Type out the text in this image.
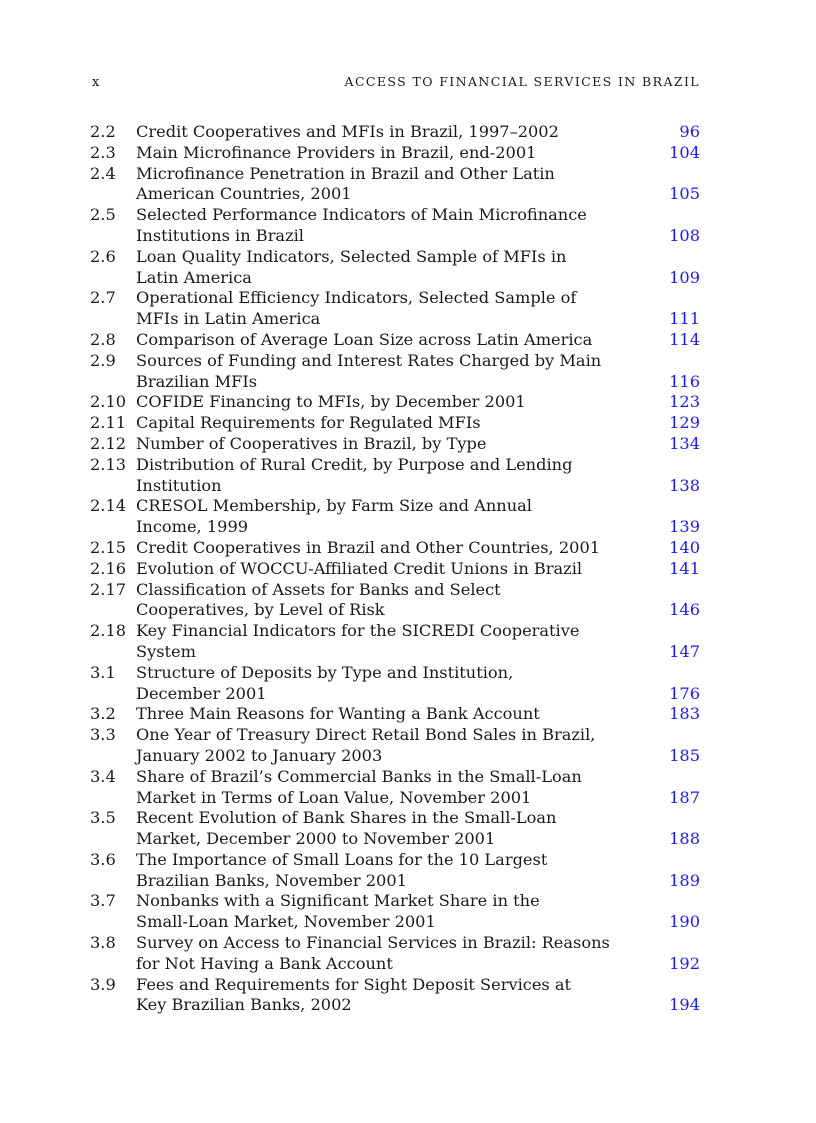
x	ACCESS TO FINANCIAL SERVICES IN BRAZIL
2.2	Credit Cooperatives and MFIs in Brazil, 1997–2002	96
2.3	Main Microfinance Providers in Brazil, end-2001	104
2.4	Microfinance Penetration in Brazil and Other Latin
American Countries, 2001	105
2.5	Selected Performance Indicators of Main Microfinance
Institutions in Brazil	108
2.6	Loan Quality Indicators, Selected Sample of MFIs in
Latin America	109
2.7	Operational Efficiency Indicators, Selected Sample of
MFIs in Latin America	111
2.8	Comparison of Average Loan Size across Latin America	114
2.9	Sources of Funding and Interest Rates Charged by Main
Brazilian MFIs	116
2.10 COFIDE Financing to MFIs, by December 2001	123
2.11 Capital Requirements for Regulated MFIs	129
2.12 Number of Cooperatives in Brazil, by Type	134
2.13 Distribution of Rural Credit, by Purpose and Lending
Institution	138
2.14 CRESOL Membership, by Farm Size and Annual
Income, 1999	139
2.15 Credit Cooperatives in Brazil and Other Countries, 2001	140
2.16 Evolution of WOCCU-Affiliated Credit Unions in Brazil	141
2.17 Classification of Assets for Banks and Select
Cooperatives, by Level of Risk	146
2.18 Key Financial Indicators for the SICREDI Cooperative
System	147
3.1	Structure of Deposits by Type and Institution,
December 2001	176
3.2	Three Main Reasons for Wanting a Bank Account	183
3.3	One Year of Treasury Direct Retail Bond Sales in Brazil,
January 2002 to January 2003	185
3.4	Share of Brazil’s Commercial Banks in the Small-Loan
Market in Terms of Loan Value, November 2001	187
3.5	Recent Evolution of Bank Shares in the Small-Loan
Market, December 2000 to November 2001	188
3.6	The Importance of Small Loans for the 10 Largest
Brazilian Banks, November 2001	189
3.7	Nonbanks with a Significant Market Share in the
Small-Loan Market, November 2001	190
3.8	Survey on Access to Financial Services in Brazil: Reasons
for Not Having a Bank Account	192
3.9	Fees and Requirements for Sight Deposit Services at
Key Brazilian Banks, 2002	194
